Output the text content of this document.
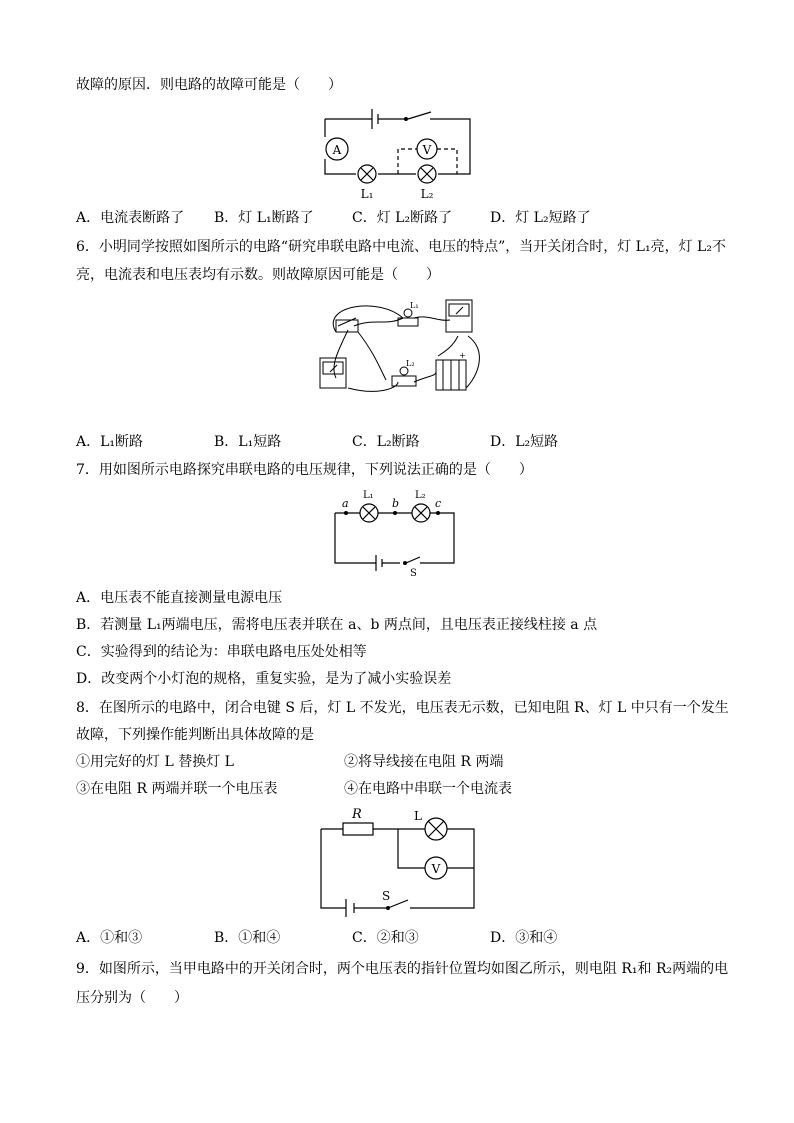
故障的原因．则电路的故障可能是（　　）
A	V
L₁	L₂
A．电流表断路了 B．灯 L₁断路了	C．灯 L₂断路了	D．灯 L₂短路了
6．小明同学按照如图所示的电路“研究串联电路中电流、电压的特点”，当开关闭合时，灯 L₁亮，灯 L₂不
亮，电流表和电压表均有示数。则故障原因可能是（　　）
L₁
L₂
+
A．L₁断路	B．L₁短路	C．L₂断路	D．L₂短路
7．用如图所示电路探究串联电路的电压规律，下列说法正确的是（　　）
a	b	c
L₁	L₂
S
A．电压表不能直接测量电源电压
B．若测量 L₁两端电压，需将电压表并联在 a、b 两点间，且电压表正接线柱接 a 点
C．实验得到的结论为：串联电路电压处处相等
D．改变两个小灯泡的规格，重复实验，是为了减小实验误差
8．在图所示的电路中，闭合电键 S 后，灯 L 不发光，电压表无示数，已知电阻 R、灯 L 中只有一个发生
故障，下列操作能判断出具体故障的是
①用完好的灯 L 替换灯 L	②将导线接在电阻 R 两端
③在电阻 R 两端并联一个电压表	④在电路中串联一个电流表
R	L
V
S
A．①和③	B．①和④	C．②和③	D．③和④
9．如图所示，当甲电路中的开关闭合时，两个电压表的指针位置均如图乙所示，则电阻 R₁和 R₂两端的电
压分别为（　　）
